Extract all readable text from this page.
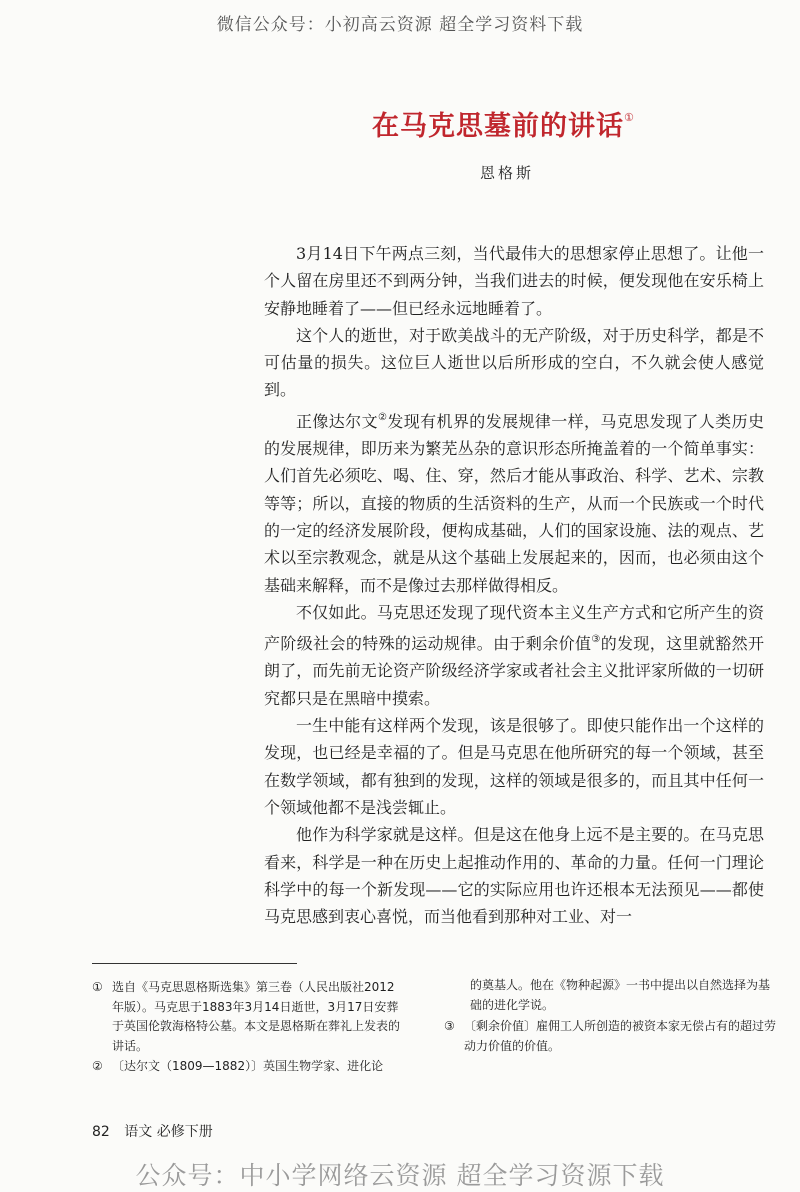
微信公众号：小初高云资源 超全学习资料下载
在马克思墓前的讲话①
恩格斯

3月14日下午两点三刻，当代最伟大的思想家停止思想了。让他一个人留在房里还不到两分钟，当我们进去的时候，便发现他在安乐椅上安静地睡着了——但已经永远地睡着了。

这个人的逝世，对于欧美战斗的无产阶级，对于历史科学，都是不可估量的损失。这位巨人逝世以后所形成的空白，不久就会使人感觉到。

正像达尔文②发现有机界的发展规律一样，马克思发现了人类历史的发展规律，即历来为繁芜丛杂的意识形态所掩盖着的一个简单事实：人们首先必须吃、喝、住、穿，然后才能从事政治、科学、艺术、宗教等等；所以，直接的物质的生活资料的生产，从而一个民族或一个时代的一定的经济发展阶段，便构成基础，人们的国家设施、法的观点、艺术以至宗教观念，就是从这个基础上发展起来的，因而，也必须由这个基础来解释，而不是像过去那样做得相反。

不仅如此。马克思还发现了现代资本主义生产方式和它所产生的资产阶级社会的特殊的运动规律。由于剩余价值③的发现，这里就豁然开朗了，而先前无论资产阶级经济学家或者社会主义批评家所做的一切研究都只是在黑暗中摸索。

一生中能有这样两个发现，该是很够了。即使只能作出一个这样的发现，也已经是幸福的了。但是马克思在他所研究的每一个领域，甚至在数学领域，都有独到的发现，这样的领域是很多的，而且其中任何一个领域他都不是浅尝辄止。

他作为科学家就是这样。但是这在他身上远不是主要的。在马克思看来，科学是一种在历史上起推动作用的、革命的力量。任何一门理论科学中的每一个新发现——它的实际应用也许还根本无法预见——都使马克思感到衷心喜悦，而当他看到那种对工业、对一

① 选自《马克思恩格斯选集》第三卷（人民出版社2012年版）。马克思于1883年3月14日逝世，3月17日安葬于英国伦敦海格特公墓。本文是恩格斯在葬礼上发表的讲话。
② 〔达尔文（1809—1882）〕英国生物学家、进化论
的奠基人。他在《物种起源》一书中提出以自然选择为基础的进化学说。
③ 〔剩余价值〕雇佣工人所创造的被资本家无偿占有的超过劳动力价值的价值。
82 语文 必修下册
公众号：中小学网络云资源 超全学习资源下载
